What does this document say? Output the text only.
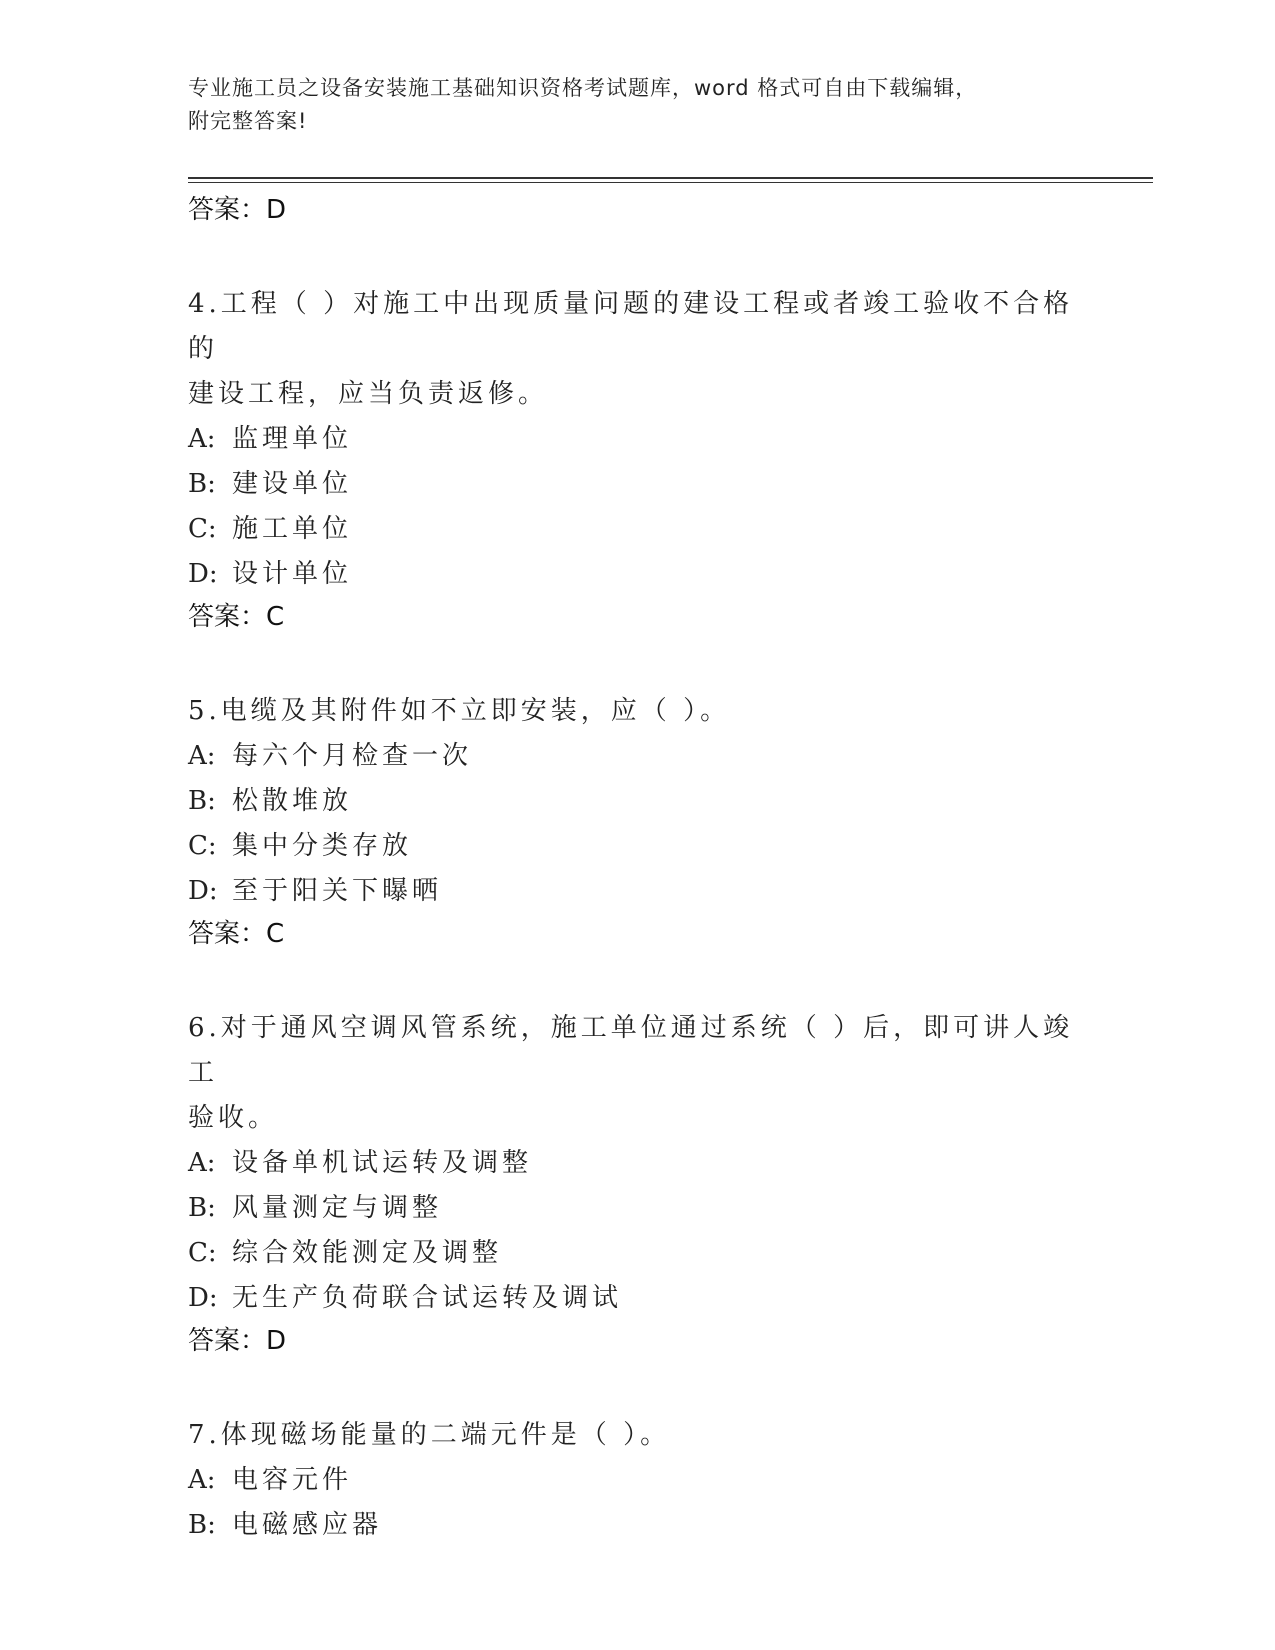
专业施工员之设备安装施工基础知识资格考试题库，word 格式可自由下载编辑，
附完整答案!
答案：D
4.工程（ ）对施工中出现质量问题的建设工程或者竣工验收不合格的
建设工程，应当负责返修。
A: 监理单位
B: 建设单位
C: 施工单位
D: 设计单位
答案：C
5.电缆及其附件如不立即安装，应（ ）。
A: 每六个月检查一次
B: 松散堆放
C: 集中分类存放
D: 至于阳关下曝晒
答案：C
6.对于通风空调风管系统，施工单位通过系统（ ）后，即可讲人竣工
验收。
A: 设备单机试运转及调整
B: 风量测定与调整
C: 综合效能测定及调整
D: 无生产负荷联合试运转及调试
答案：D
7.体现磁场能量的二端元件是（ ）。
A: 电容元件
B: 电磁感应器
